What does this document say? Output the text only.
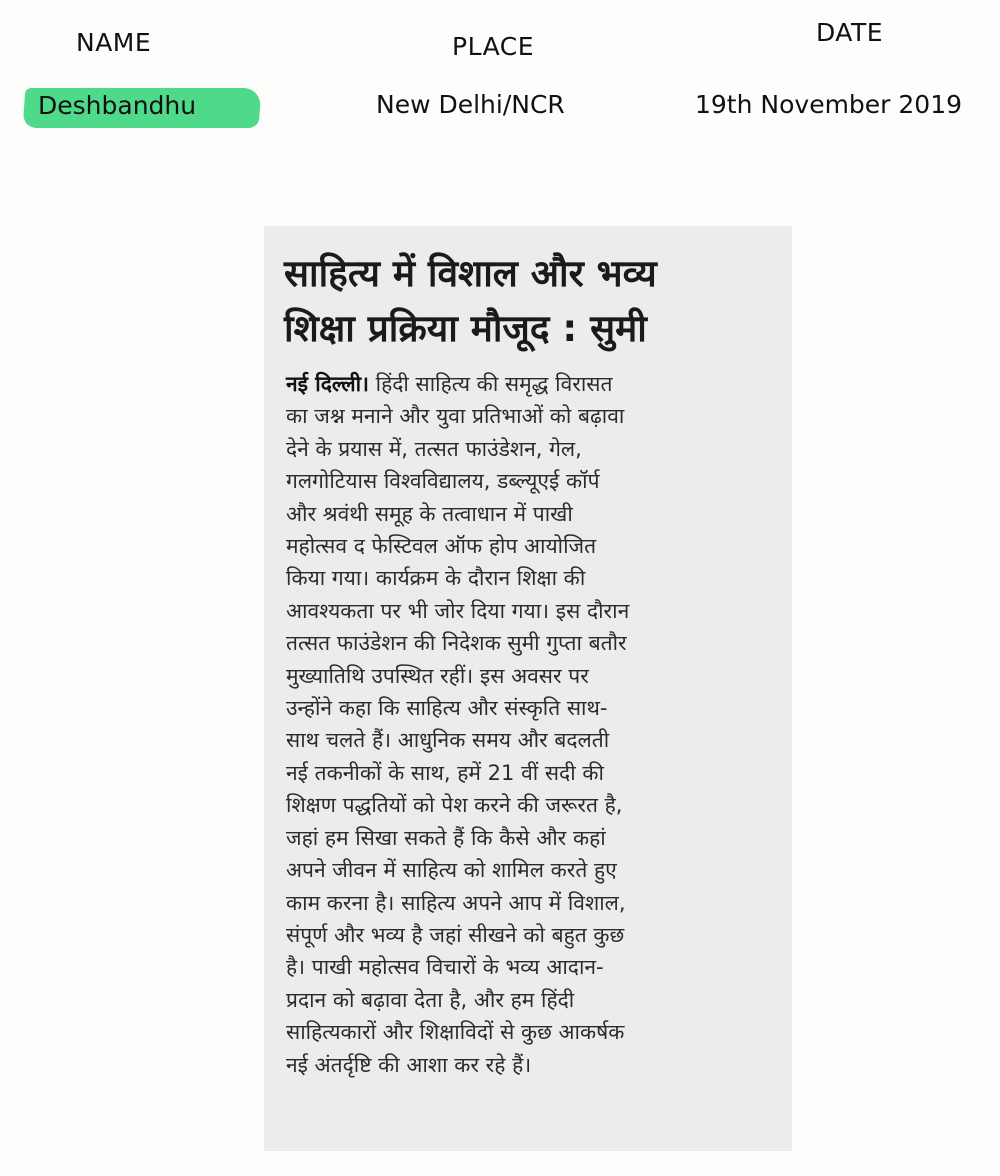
NAME	PLACE	DATE
Deshbandhu	New Delhi/NCR	19th November 2019
साहित्य में विशाल और भव्य
शिक्षा प्रक्रिया मौजूद : सुमी
नई दिल्ली। हिंदी साहित्य की समृद्ध विरासत
का जश्न मनाने और युवा प्रतिभाओं को बढ़ावा
देने के प्रयास में, तत्सत फाउंडेशन, गेल,
गलगोटियास विश्वविद्यालय, डब्ल्यूएई कॉर्प
और श्रवंथी समूह के तत्वाधान में पाखी
महोत्सव द फेस्टिवल ऑफ होप आयोजित
किया गया। कार्यक्रम के दौरान शिक्षा की
आवश्यकता पर भी जोर दिया गया। इस दौरान
तत्सत फाउंडेशन की निदेशक सुमी गुप्ता बतौर
मुख्यातिथि उपस्थित रहीं। इस अवसर पर
उन्होंने कहा कि साहित्य और संस्कृति साथ-
साथ चलते हैं। आधुनिक समय और बदलती
नई तकनीकों के साथ, हमें 21 वीं सदी की
शिक्षण पद्धतियों को पेश करने की जरूरत है,
जहां हम सिखा सकते हैं कि कैसे और कहां
अपने जीवन में साहित्य को शामिल करते हुए
काम करना है। साहित्य अपने आप में विशाल,
संपूर्ण और भव्य है जहां सीखने को बहुत कुछ
है। पाखी महोत्सव विचारों के भव्य आदान-
प्रदान को बढ़ावा देता है, और हम हिंदी
साहित्यकारों और शिक्षाविदों से कुछ आकर्षक
नई अंतर्दृष्टि की आशा कर रहे हैं।
